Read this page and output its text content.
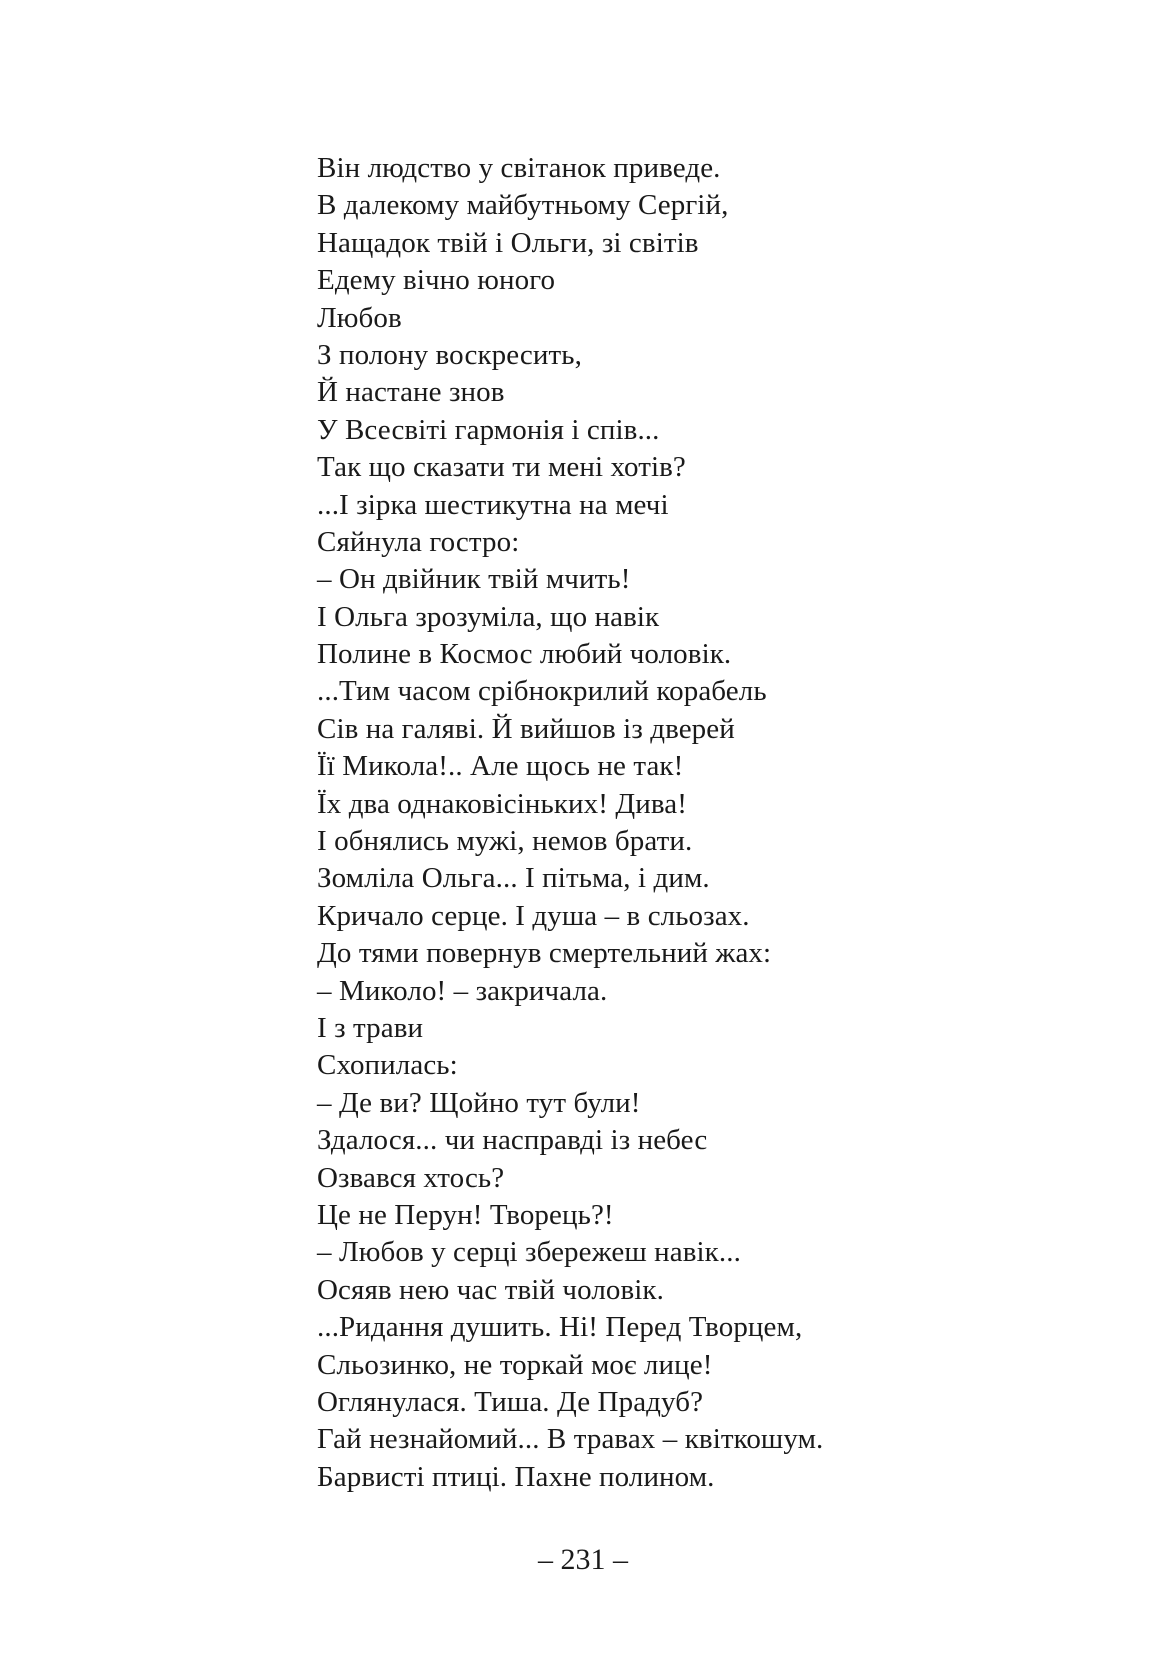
Він людство у світанок приведе.
В далекому майбутньому Сергій,
Нащадок твій і Ольги, зі світів
Едему вічно юного
Любов
З полону воскресить,
Й настане знов
У Всесвіті гармонія і спів...
Так що сказати ти мені хотів?
...І зірка шестикутна на мечі
Сяйнула гостро:
– Он двійник твій мчить!
І Ольга зрозуміла, що навік
Полине в Космос любий чоловік.
...Тим часом срібнокрилий корабель
Сів на галяві. Й вийшов із дверей
Її Микола!.. Але щось не так!
Їх два однаковісіньких! Дива!
І обнялись мужі, немов брати.
Зомліла Ольга... І пітьма, і дим.
Кричало серце. І душа – в сльозах.
До тями повернув смертельний жах:
– Миколо! – закричала.
І з трави
Схопилась:
– Де ви? Щойно тут були!
Здалося... чи насправді із небес
Озвався хтось?
Це не Перун! Творець?!
– Любов у серці збережеш навік...
Осяяв нею час твій чоловік.
...Ридання душить. Ні! Перед Творцем,
Сльозинко, не торкай моє лице!
Оглянулася. Тиша. Де Прадуб?
Гай незнайомий... В травах – квіткошум.
Барвисті птиці. Пахне полином.
– 231 –
